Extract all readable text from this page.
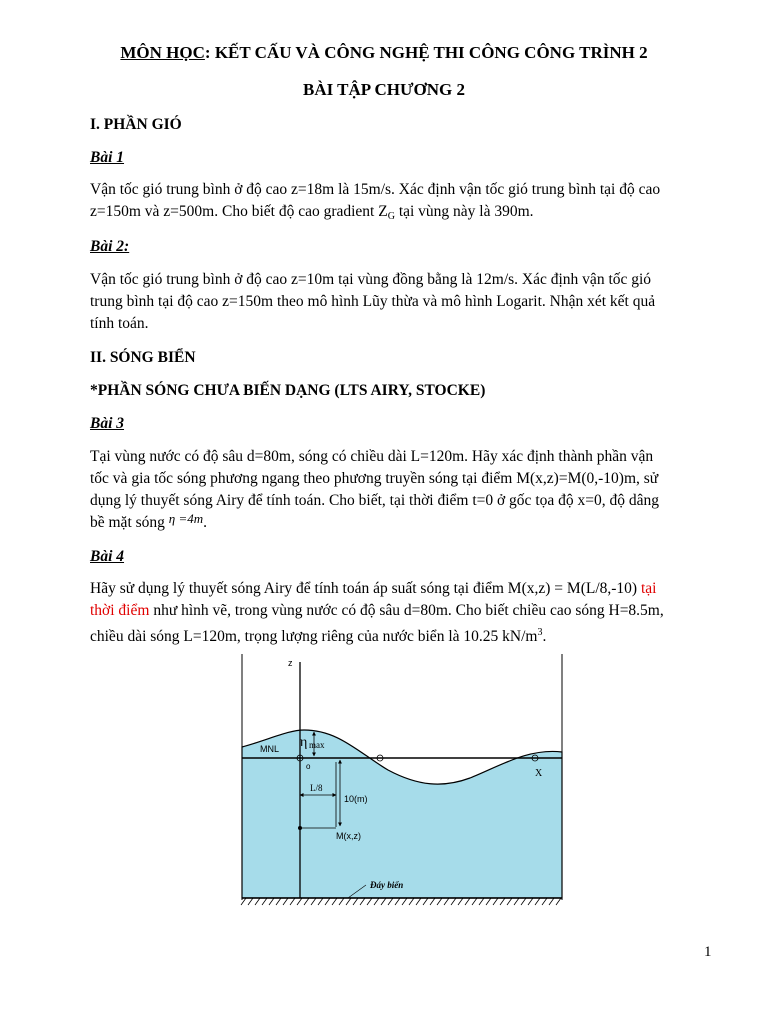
MÔN HỌC: KẾT CẤU VÀ CÔNG NGHỆ THI CÔNG CÔNG TRÌNH 2
BÀI TẬP CHƯƠNG 2
I. PHẦN GIÓ
Bài 1
Vận tốc gió trung bình ở độ cao z=18m là 15m/s. Xác định vận tốc gió trung bình tại độ cao
z=150m và z=500m. Cho biết độ cao gradient $Z_G$ tại vùng này là 390m.
Bài 2:
Vận tốc gió trung bình ở độ cao z=10m tại vùng đồng bằng là 12m/s. Xác định vận tốc gió
trung bình tại độ cao z=150m theo mô hình Lũy thừa và mô hình Logarit. Nhận xét kết quả
tính toán.
II. SÓNG BIỂN
*PHẦN SÓNG CHƯA BIẾN DẠNG (LTS AIRY, STOCKE)
Bài 3
Tại vùng nước có độ sâu d=80m, sóng có chiều dài L=120m. Hãy xác định thành phần vận
tốc và gia tốc sóng phương ngang theo phương truyền sóng tại điểm M(x,z)=M(0,-10)m, sử
dụng lý thuyết sóng Airy để tính toán. Cho biết, tại thời điểm t=0 ở gốc tọa độ x=0, độ dâng
bề mặt sóng $^{\eta =4m}$.
Bài 4
Hãy sử dụng lý thuyết sóng Airy để tính toán áp suất sóng tại điểm M(x,z) = M(L/8,-10) tại
thời điểm như hình vẽ, trong vùng nước có độ sâu d=80m. Cho biết chiều cao sóng H=8.5m,
chiều dài sóng L=120m, trọng lượng riêng của nước biển là 10.25 $kN/m^3$.
z
η max
MNL
o
X
L/8
10(m)
M(x,z)
Đáy biển
1
